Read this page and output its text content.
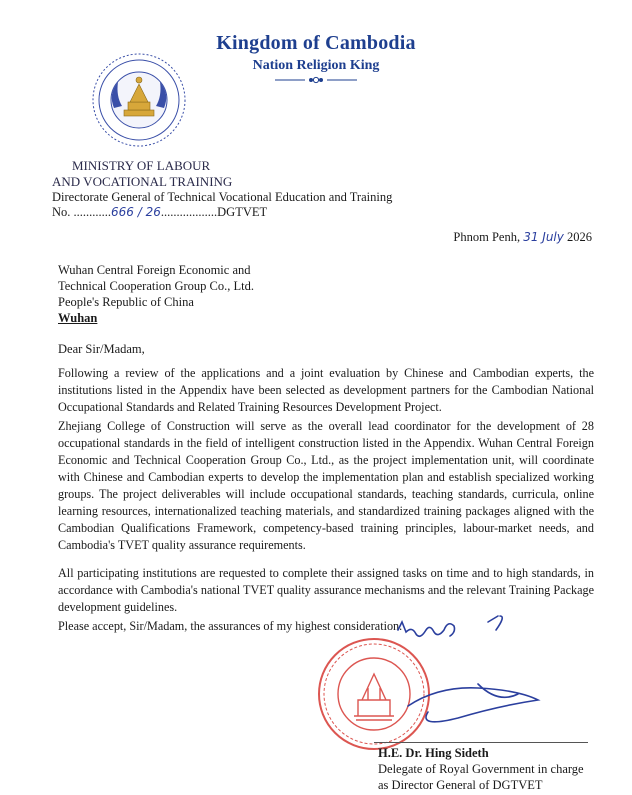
Kingdom of Cambodia
Nation Religion King
MINISTRY OF LABOUR
AND VOCATIONAL TRAINING
Directorate General of Technical Vocational Education and Training
No. ............666 / 26..................DGTVET
Phnom Penh, 31 July 2026
Wuhan Central Foreign Economic and
Technical Cooperation Group Co., Ltd.
People's Republic of China
Wuhan
Dear Sir/Madam,
Following a review of the applications and a joint evaluation by Chinese and Cambodian experts, the institutions listed in the Appendix have been selected as development partners for the Cambodian National Occupational Standards and Related Training Resources Development Project.
Zhejiang College of Construction will serve as the overall lead coordinator for the development of 28 occupational standards in the field of intelligent construction listed in the Appendix. Wuhan Central Foreign Economic and Technical Cooperation Group Co., Ltd., as the project implementation unit, will coordinate with Chinese and Cambodian experts to develop the implementation plan and establish specialized working groups. The project deliverables will include occupational standards, teaching standards, curricula, online learning resources, internationalized teaching materials, and standardized training packages aligned with the Cambodian Qualifications Framework, competency-based training principles, labour-market needs, and Cambodia's TVET quality assurance requirements.
All participating institutions are requested to complete their assigned tasks on time and to high standards, in accordance with Cambodia's national TVET quality assurance mechanisms and the relevant Training Package development guidelines.
Please accept, Sir/Madam, the assurances of my highest consideration.
H.E. Dr. Hing Sideth
Delegate of Royal Government in charge
as Director General of DGTVET
